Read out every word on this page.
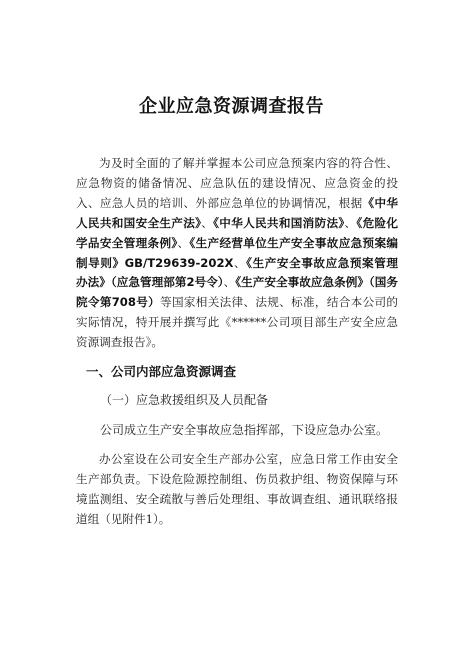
企业应急资源调查报告
为及时全面的了解并掌握本公司应急预案内容的符合性、应急物资的储备情况、应急队伍的建设情况、应急资金的投入、应急人员的培训、外部应急单位的协调情况，根据《中华人民共和国安全生产法》、《中华人民共和国消防法》、《危险化学品安全管理条例》、《生产经营单位生产安全事故应急预案编制导则》GB/T29639-202X、《生产安全事故应急预案管理办法》（应急管理部第2号令）、《生产安全事故应急条例》（国务院令第708号）等国家相关法律、法规、标准，结合本公司的实际情况，特开展并撰写此《******公司项目部生产安全应急资源调查报告》。
一、公司内部应急资源调查
（一）应急救援组织及人员配备
公司成立生产安全事故应急指挥部，下设应急办公室。
办公室设在公司安全生产部办公室，应急日常工作由安全生产部负责。下设危险源控制组、伤员救护组、物资保障与环境监测组、安全疏散与善后处理组、事故调查组、通讯联络报道组（见附件1）。
